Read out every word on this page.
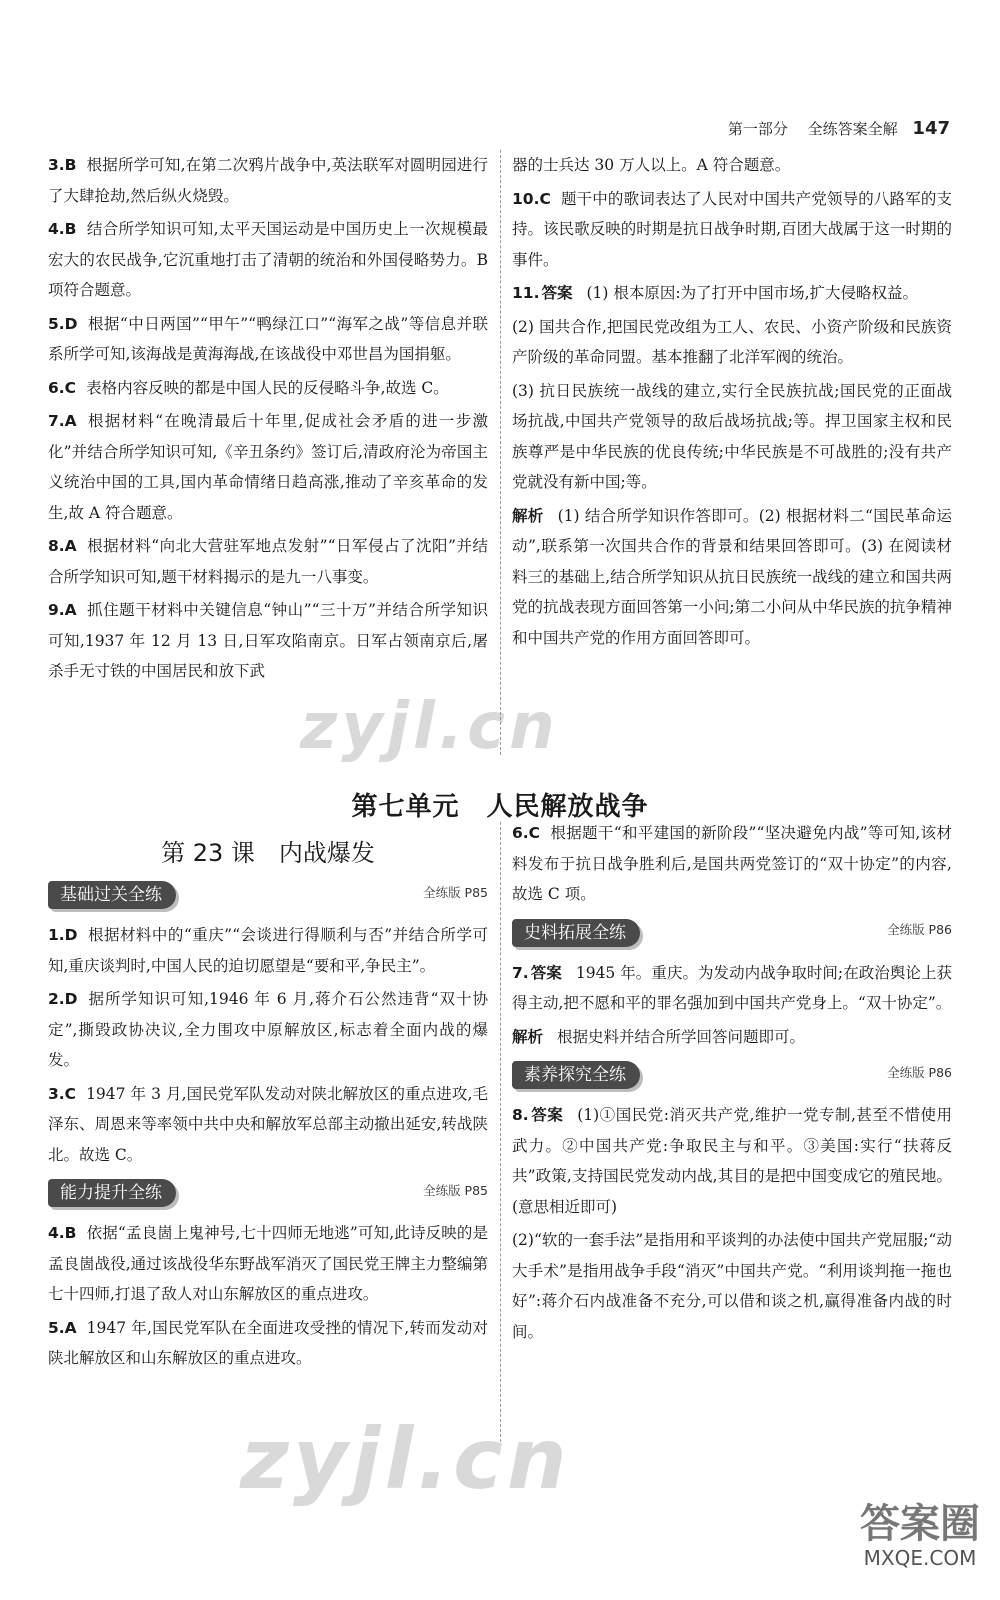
第一部分　 全练答案全解 147

3.B 根据所学可知,在第二次鸦片战争中,英法联军对圆明园进行了大肆抢劫,然后纵火烧毁。

4.B 结合所学知识可知,太平天国运动是中国历史上一次规模最宏大的农民战争,它沉重地打击了清朝的统治和外国侵略势力。B 项符合题意。

5.D 根据“中日两国”“甲午”“鸭绿江口”“海军之战”等信息并联系所学可知,该海战是黄海海战,在该战役中邓世昌为国捐躯。

6.C 表格内容反映的都是中国人民的反侵略斗争,故选 C。

7.A 根据材料“在晚清最后十年里,促成社会矛盾的进一步激化”并结合所学知识可知,《辛丑条约》签订后,清政府沦为帝国主义统治中国的工具,国内革命情绪日趋高涨,推动了辛亥革命的发生,故 A 符合题意。

8.A 根据材料“向北大营驻军地点发射”“日军侵占了沈阳”并结合所学知识可知,题干材料揭示的是九一八事变。

9.A 抓住题干材料中关键信息“钟山”“三十万”并结合所学知识可知,1937 年 12 月 13 日,日军攻陷南京。日军占领南京后,屠杀手无寸铁的中国居民和放下武

器的士兵达 30 万人以上。A 符合题意。

10.C 题干中的歌词表达了人民对中国共产党领导的八路军的支持。该民歌反映的时期是抗日战争时期,百团大战属于这一时期的事件。

11. 答案 (1) 根本原因:为了打开中国市场,扩大侵略权益。

(2) 国共合作,把国民党改组为工人、农民、小资产阶级和民族资产阶级的革命同盟。基本推翻了北洋军阀的统治。

(3) 抗日民族统一战线的建立,实行全民族抗战;国民党的正面战场抗战,中国共产党领导的敌后战场抗战;等。捍卫国家主权和民族尊严是中华民族的优良传统;中华民族是不可战胜的;没有共产党就没有新中国;等。

解析 (1) 结合所学知识作答即可。(2) 根据材料二“国民革命运动”,联系第一次国共合作的背景和结果回答即可。(3) 在阅读材料三的基础上,结合所学知识从抗日民族统一战线的建立和国共两党的抗战表现方面回答第一小问;第二小问从中华民族的抗争精神和中国共产党的作用方面回答即可。

第七单元　人民解放战争
第 23 课　内战爆发
基础过关全练	全练版 P85

1.D 根据材料中的“重庆”“会谈进行得顺利与否”并结合所学可知,重庆谈判时,中国人民的迫切愿望是“要和平,争民主”。

2.D 据所学知识可知,1946 年 6 月,蒋介石公然违背“双十协定”,撕毁政协决议,全力围攻中原解放区,标志着全面内战的爆发。

3.C 1947 年 3 月,国民党军队发动对陕北解放区的重点进攻,毛泽东、周恩来等率领中共中央和解放军总部主动撤出延安,转战陕北。故选 C。

能力提升全练	全练版 P85

4.B 依据“孟良崮上鬼神号,七十四师无地逃”可知,此诗反映的是孟良崮战役,通过该战役华东野战军消灭了国民党王牌主力整编第七十四师,打退了敌人对山东解放区的重点进攻。

5.A 1947 年,国民党军队在全面进攻受挫的情况下,转而发动对陕北解放区和山东解放区的重点进攻。

6.C 根据题干“和平建国的新阶段”“坚决避免内战”等可知,该材料发布于抗日战争胜利后,是国共两党签订的“双十协定”的内容,故选 C 项。

史料拓展全练	全练版 P86

7. 答案 1945 年。重庆。为发动内战争取时间;在政治舆论上获得主动,把不愿和平的罪名强加到中国共产党身上。“双十协定”。

解析 根据史料并结合所学回答问题即可。

素养探究全练	全练版 P86

8. 答案 (1)①国民党:消灭共产党,维护一党专制,甚至不惜使用武力。②中国共产党:争取民主与和平。③美国:实行“扶蒋反共”政策,支持国民党发动内战,其目的是把中国变成它的殖民地。(意思相近即可)

(2)“软的一套手法”是指用和平谈判的办法使中国共产党屈服;“动大手术”是指用战争手段“消灭”中国共产党。“利用谈判拖一拖也好”:蒋介石内战准备不充分,可以借和谈之机,赢得准备内战的时间。

zyjl.cn
zyjl.cn
答案圈
MXQE.COM
